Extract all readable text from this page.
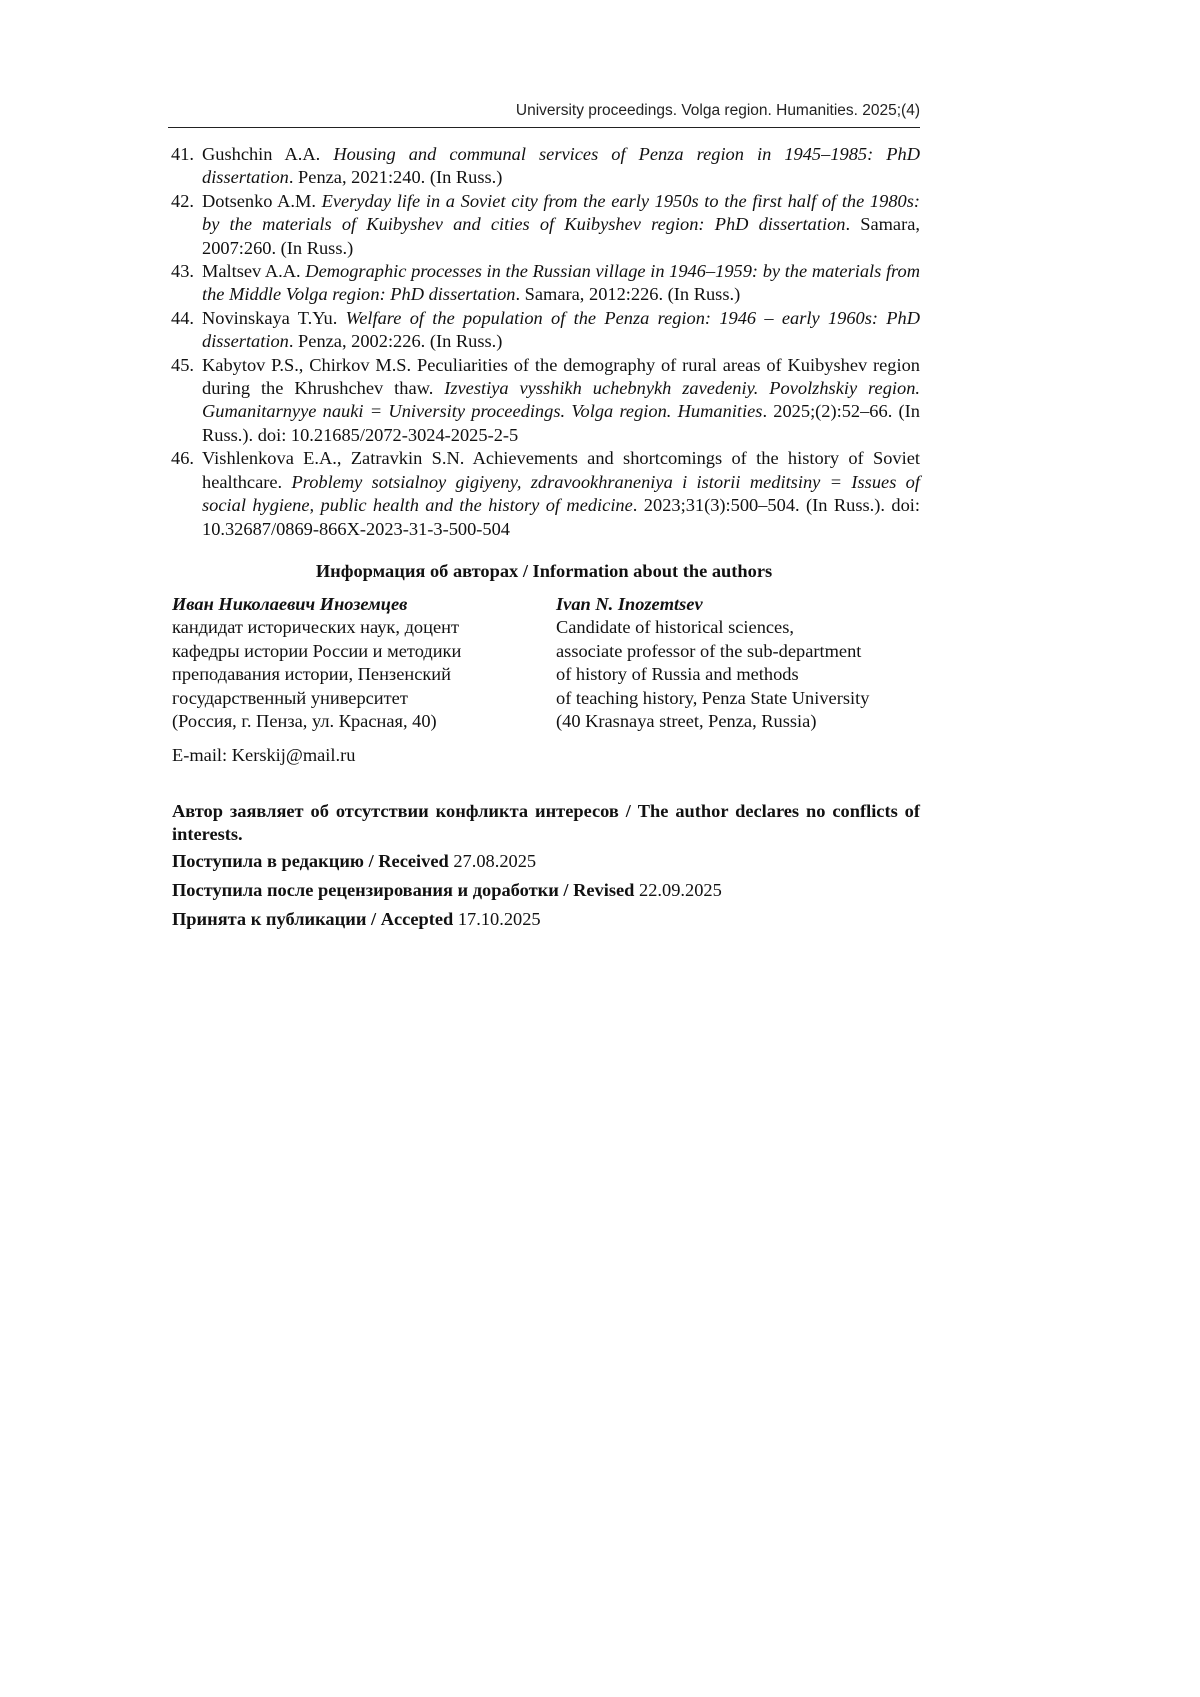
University proceedings. Volga region. Humanities. 2025;(4)
41. Gushchin A.A. Housing and communal services of Penza region in 1945–1985: PhD dissertation. Penza, 2021:240. (In Russ.)
42. Dotsenko A.M. Everyday life in a Soviet city from the early 1950s to the first half of the 1980s: by the materials of Kuibyshev and cities of Kuibyshev region: PhD dissertation. Samara, 2007:260. (In Russ.)
43. Maltsev A.A. Demographic processes in the Russian village in 1946–1959: by the materials from the Middle Volga region: PhD dissertation. Samara, 2012:226. (In Russ.)
44. Novinskaya T.Yu. Welfare of the population of the Penza region: 1946 – early 1960s: PhD dissertation. Penza, 2002:226. (In Russ.)
45. Kabytov P.S., Chirkov M.S. Peculiarities of the demography of rural areas of Kuibyshev region during the Khrushchev thaw. Izvestiya vysshikh uchebnykh zavedeniy. Povolzhskiy region. Gumanitarnyye nauki = University proceedings. Volga region. Humanities. 2025;(2):52–66. (In Russ.). doi: 10.21685/2072-3024-2025-2-5
46. Vishlenkova E.A., Zatravkin S.N. Achievements and shortcomings of the history of Soviet healthcare. Problemy sotsialnoy gigiyeny, zdravookhraneniya i istorii meditsiny = Issues of social hygiene, public health and the history of medicine. 2023;31(3):500–504. (In Russ.). doi: 10.32687/0869-866X-2023-31-3-500-504
Информация об авторах / Information about the authors
Иван Николаевич Иноземцев
кандидат исторических наук, доцент
кафедры истории России и методики
преподавания истории, Пензенский
государственный университет
(Россия, г. Пенза, ул. Красная, 40)
Ivan N. Inozemtsev
Candidate of historical sciences,
associate professor of the sub-department
of history of Russia and methods
of teaching history, Penza State University
(40 Krasnaya street, Penza, Russia)
E-mail: Kerskij@mail.ru
Автор заявляет об отсутствии конфликта интересов / The author declares no conflicts of interests.
Поступила в редакцию / Received 27.08.2025
Поступила после рецензирования и доработки / Revised 22.09.2025
Принята к публикации / Accepted 17.10.2025
